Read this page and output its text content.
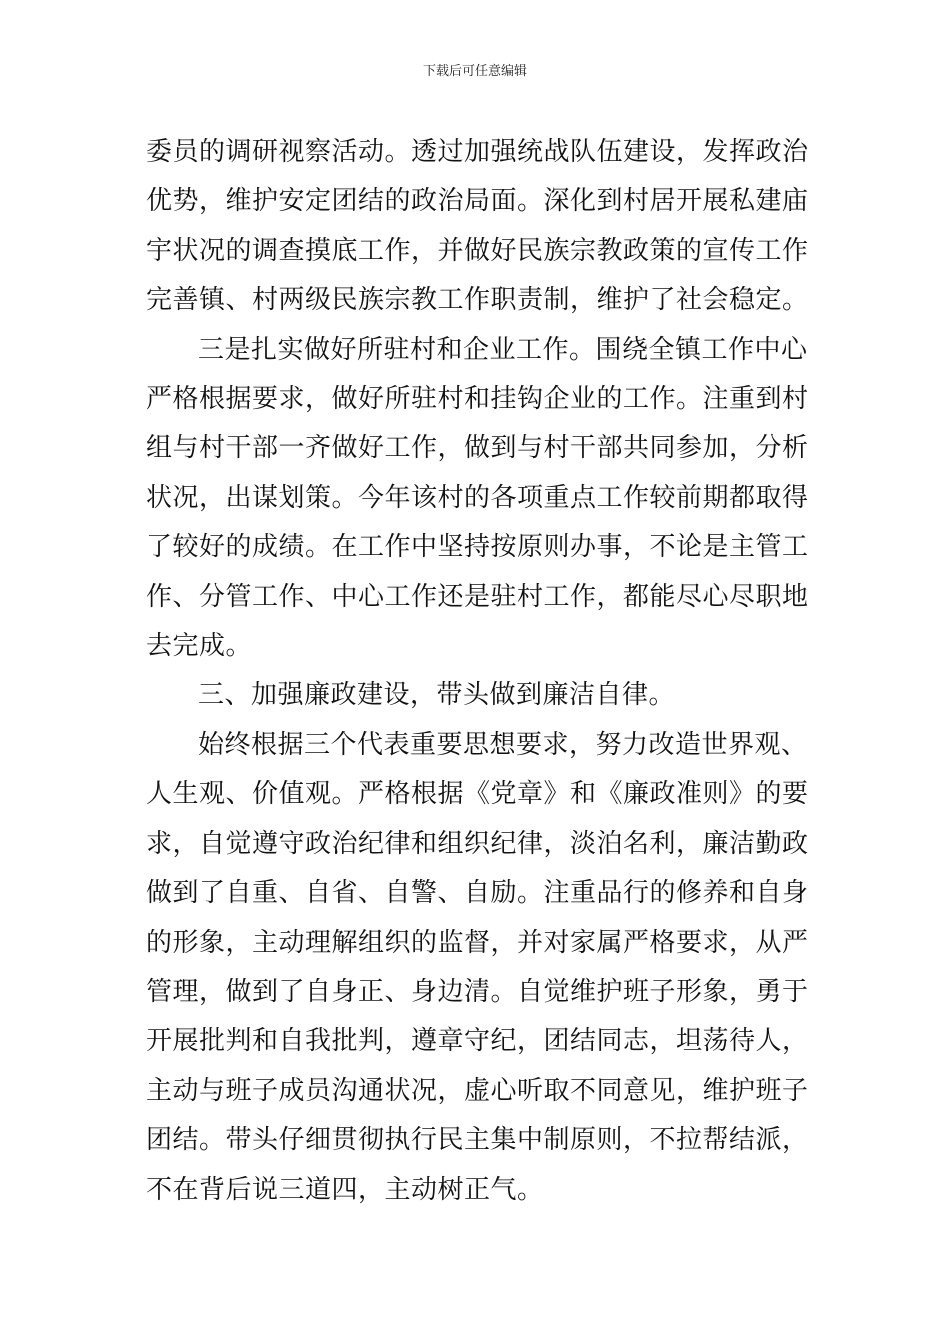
下载后可任意编辑
委员的调研视察活动。透过加强统战队伍建设，发挥政治
优势，维护安定团结的政治局面。深化到村居开展私建庙
宇状况的调查摸底工作，并做好民族宗教政策的宣传工作
完善镇、村两级民族宗教工作职责制，维护了社会稳定。
三是扎实做好所驻村和企业工作。围绕全镇工作中心
严格根据要求，做好所驻村和挂钩企业的工作。注重到村
组与村干部一齐做好工作，做到与村干部共同参加，分析
状况，出谋划策。今年该村的各项重点工作较前期都取得
了较好的成绩。在工作中坚持按原则办事，不论是主管工
作、分管工作、中心工作还是驻村工作，都能尽心尽职地
去完成。
三、加强廉政建设，带头做到廉洁自律。
始终根据三个代表重要思想要求，努力改造世界观、
人生观、价值观。严格根据《党章》和《廉政准则》的要
求，自觉遵守政治纪律和组织纪律，淡泊名利，廉洁勤政
做到了自重、自省、自警、自励。注重品行的修养和自身
的形象，主动理解组织的监督，并对家属严格要求，从严
管理，做到了自身正、身边清。自觉维护班子形象，勇于
开展批判和自我批判，遵章守纪，团结同志，坦荡待人，
主动与班子成员沟通状况，虚心听取不同意见，维护班子
团结。带头仔细贯彻执行民主集中制原则，不拉帮结派，
不在背后说三道四，主动树正气。
